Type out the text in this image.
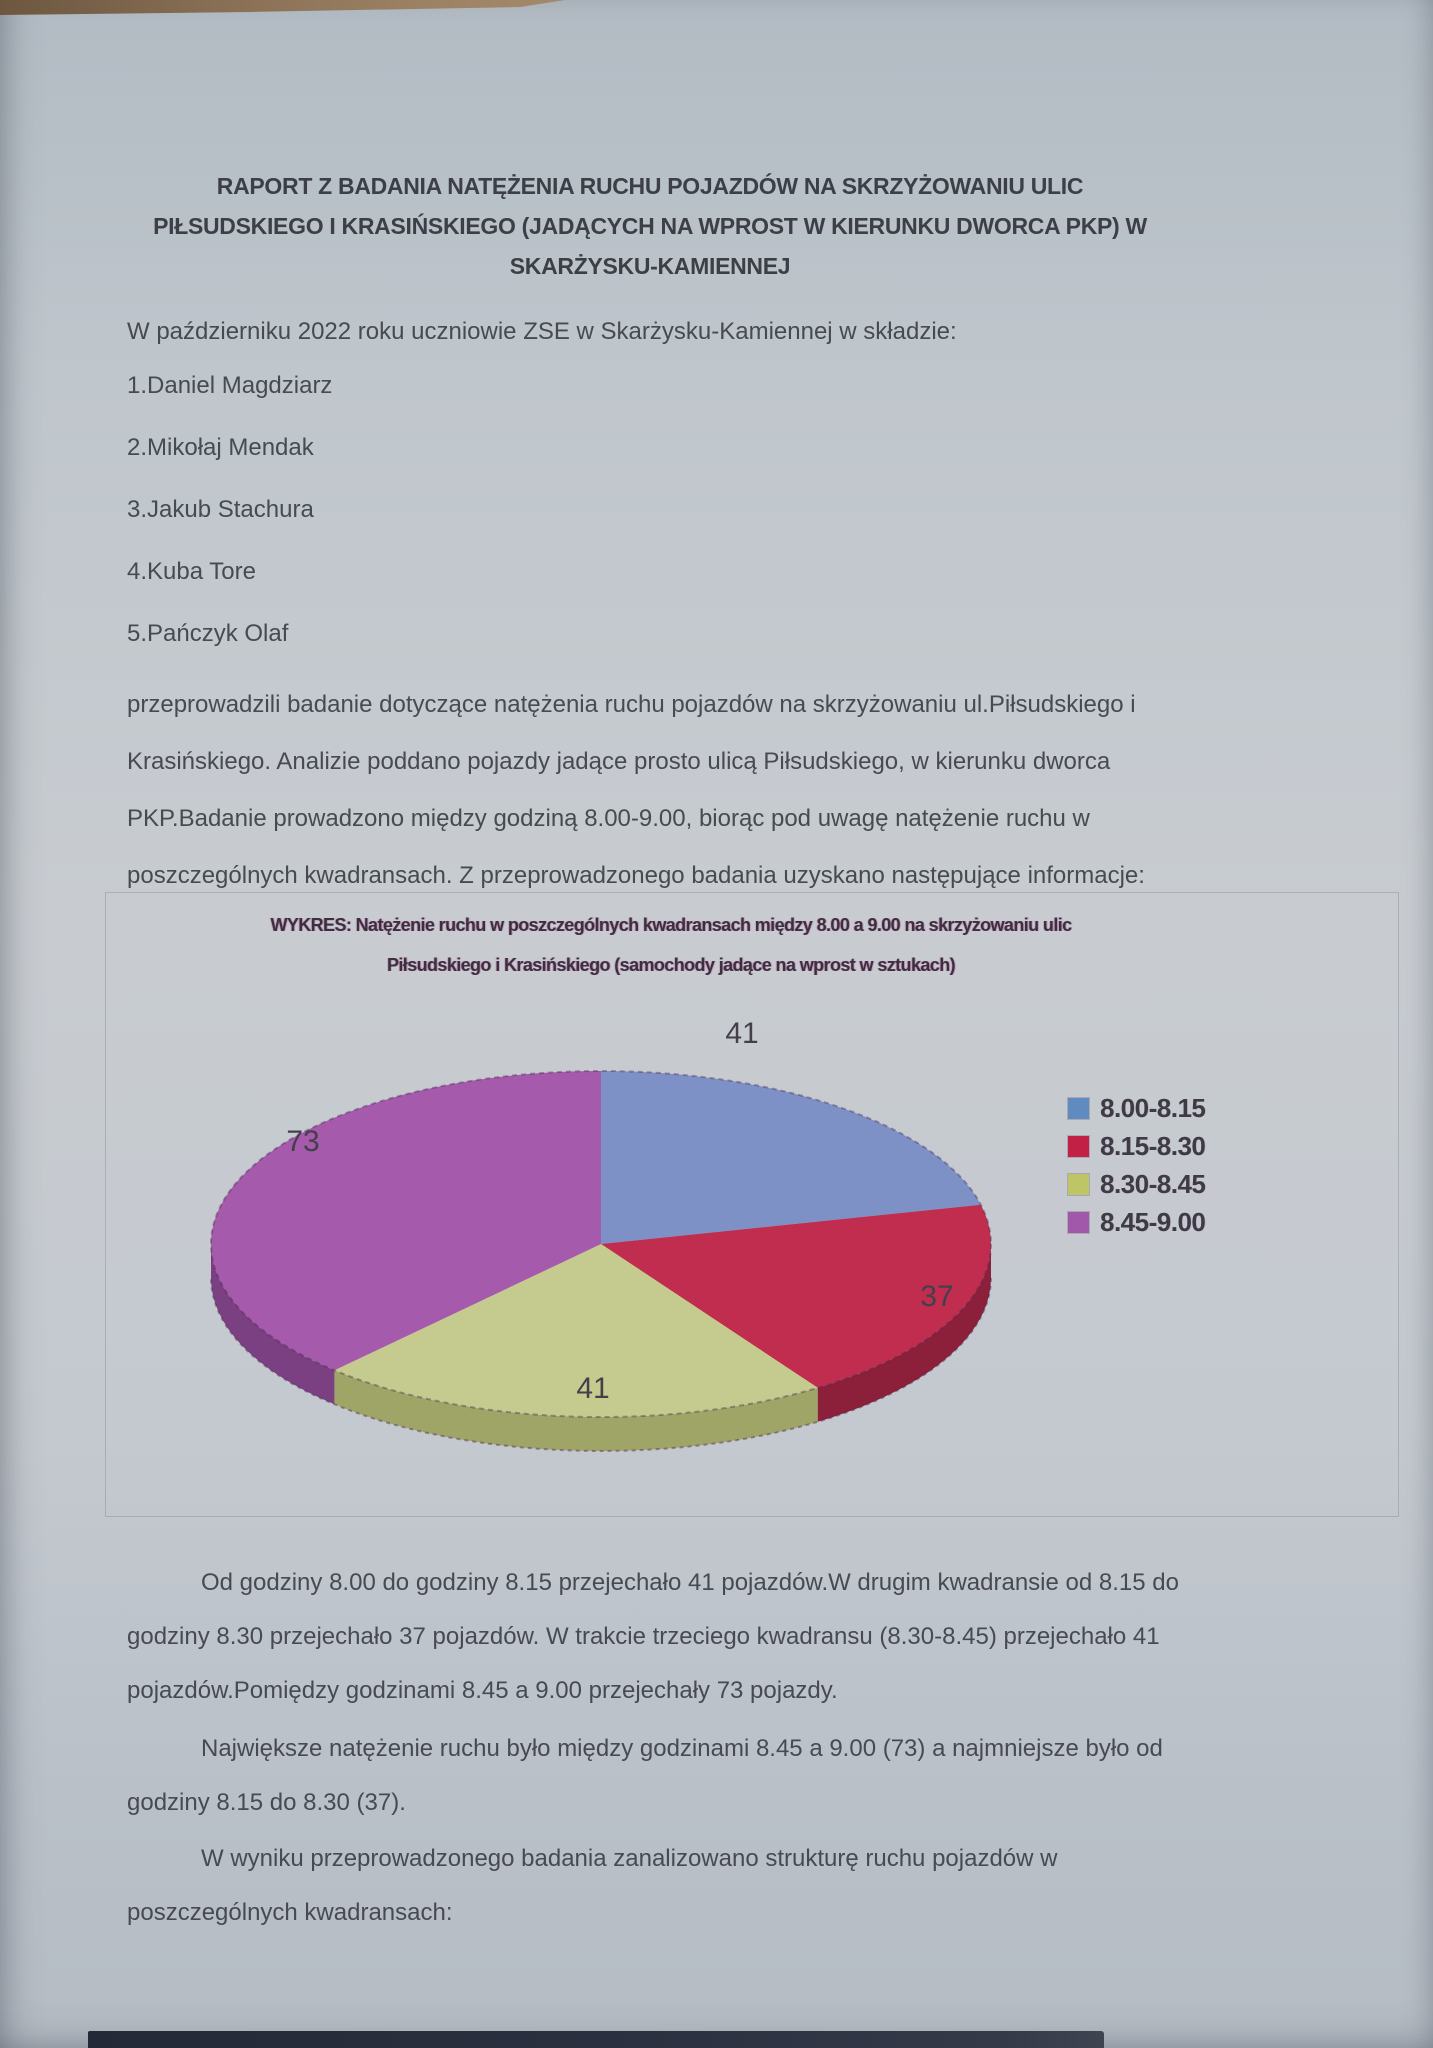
RAPORT Z BADANIA NATĘŻENIA RUCHU POJAZDÓW NA SKRZYŻOWANIU ULIC
PIŁSUDSKIEGO I KRASIŃSKIEGO (JADĄCYCH NA WPROST W KIERUNKU DWORCA PKP) W
SKARŻYSKU-KAMIENNEJ
W październiku 2022 roku uczniowie ZSE w Skarżysku-Kamiennej w składzie:
1.Daniel Magdziarz
2.Mikołaj Mendak
3.Jakub Stachura
4.Kuba Tore
5.Pańczyk Olaf
przeprowadzili badanie dotyczące natężenia ruchu pojazdów na skrzyżowaniu ul.Piłsudskiego i
Krasińskiego. Analizie poddano pojazdy jadące prosto ulicą Piłsudskiego, w kierunku dworca
PKP.Badanie prowadzono między godziną 8.00-9.00, biorąc pod uwagę natężenie ruchu w
poszczególnych kwadransach. Z przeprowadzonego badania uzyskano następujące informacje:
WYKRES: Natężenie ruchu w poszczególnych kwadransach między 8.00 a 9.00 na skrzyżowaniu ulic
Piłsudskiego i Krasińskiego (samochody jadące na wprost w sztukach)
41
37
41
73
8.00-8.15
8.15-8.30
8.30-8.45
8.45-9.00
Od godziny 8.00 do godziny 8.15 przejechało 41 pojazdów.W drugim kwadransie od 8.15 do
godziny 8.30 przejechało 37 pojazdów. W trakcie trzeciego kwadransu (8.30-8.45) przejechało 41
pojazdów.Pomiędzy godzinami 8.45 a 9.00 przejechały 73 pojazdy.
Największe natężenie ruchu było między godzinami 8.45 a 9.00 (73) a najmniejsze było od
godziny 8.15 do 8.30 (37).
W wyniku przeprowadzonego badania zanalizowano strukturę ruchu pojazdów w
poszczególnych kwadransach:
